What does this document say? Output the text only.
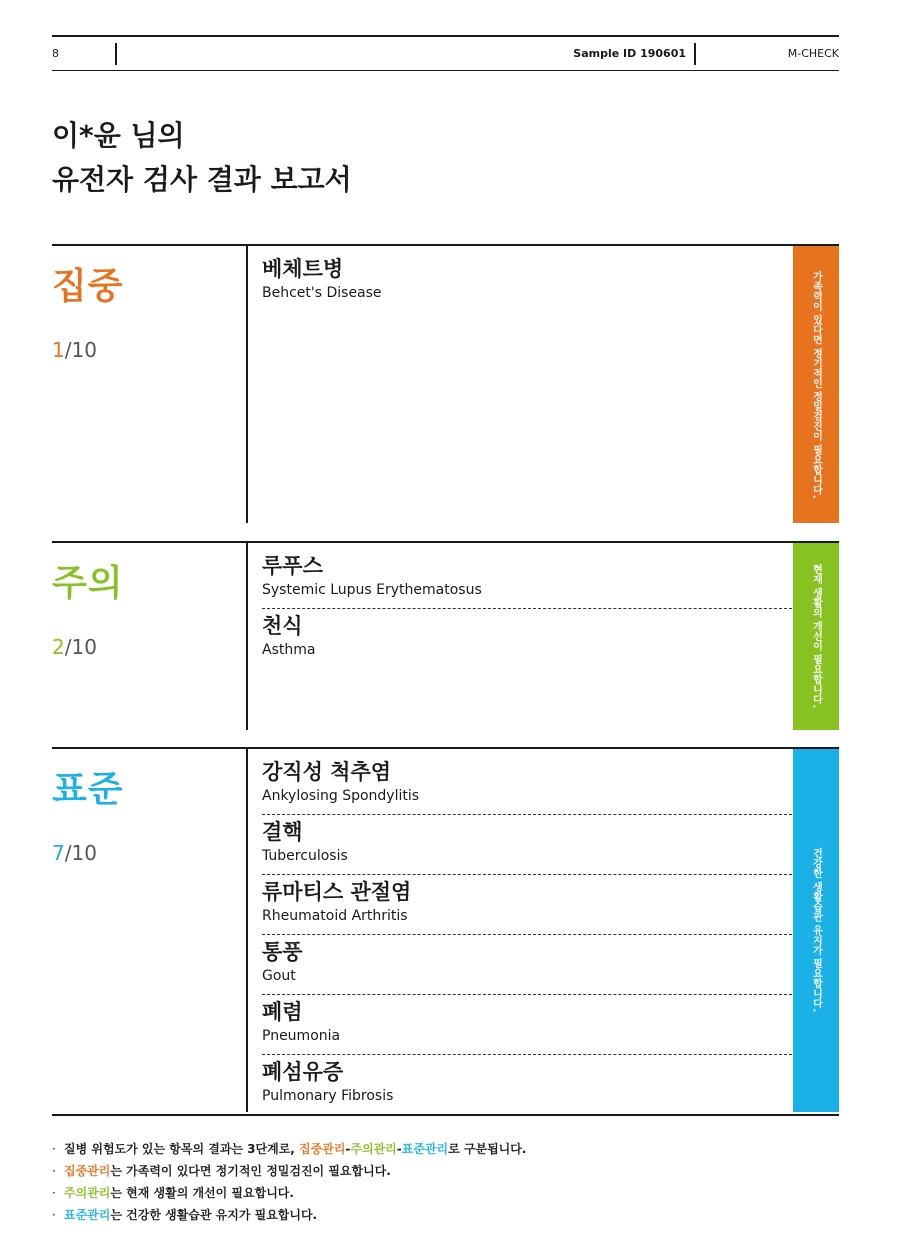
8	Sample ID 190601	M-CHECK
이*윤 님의
유전자 검사 결과 보고서
집중
1/10
베체트병
Behcet's Disease	가족력이 있다면 정기적인 정밀검진이 필요합니다.
주의
2/10
루푸스
Systemic Lupus Erythematosus
천식
Asthma	현재 생활의 개선이 필요합니다.
표준
7/10
강직성 척추염
Ankylosing Spondylitis
결핵
Tuberculosis
류마티스 관절염
Rheumatoid Arthritis
통풍
Gout
폐렴
Pneumonia
폐섬유증
Pulmonary Fibrosis
건강한 생활습관 유지가 필요합니다.
· 질병 위험도가 있는 항목의 결과는 3단계로, 집중관리-주의관리-표준관리로 구분됩니다.
· 집중관리는 가족력이 있다면 정기적인 정밀검진이 필요합니다.
· 주의관리는 현재 생활의 개선이 필요합니다.
· 표준관리는 건강한 생활습관 유지가 필요합니다.
